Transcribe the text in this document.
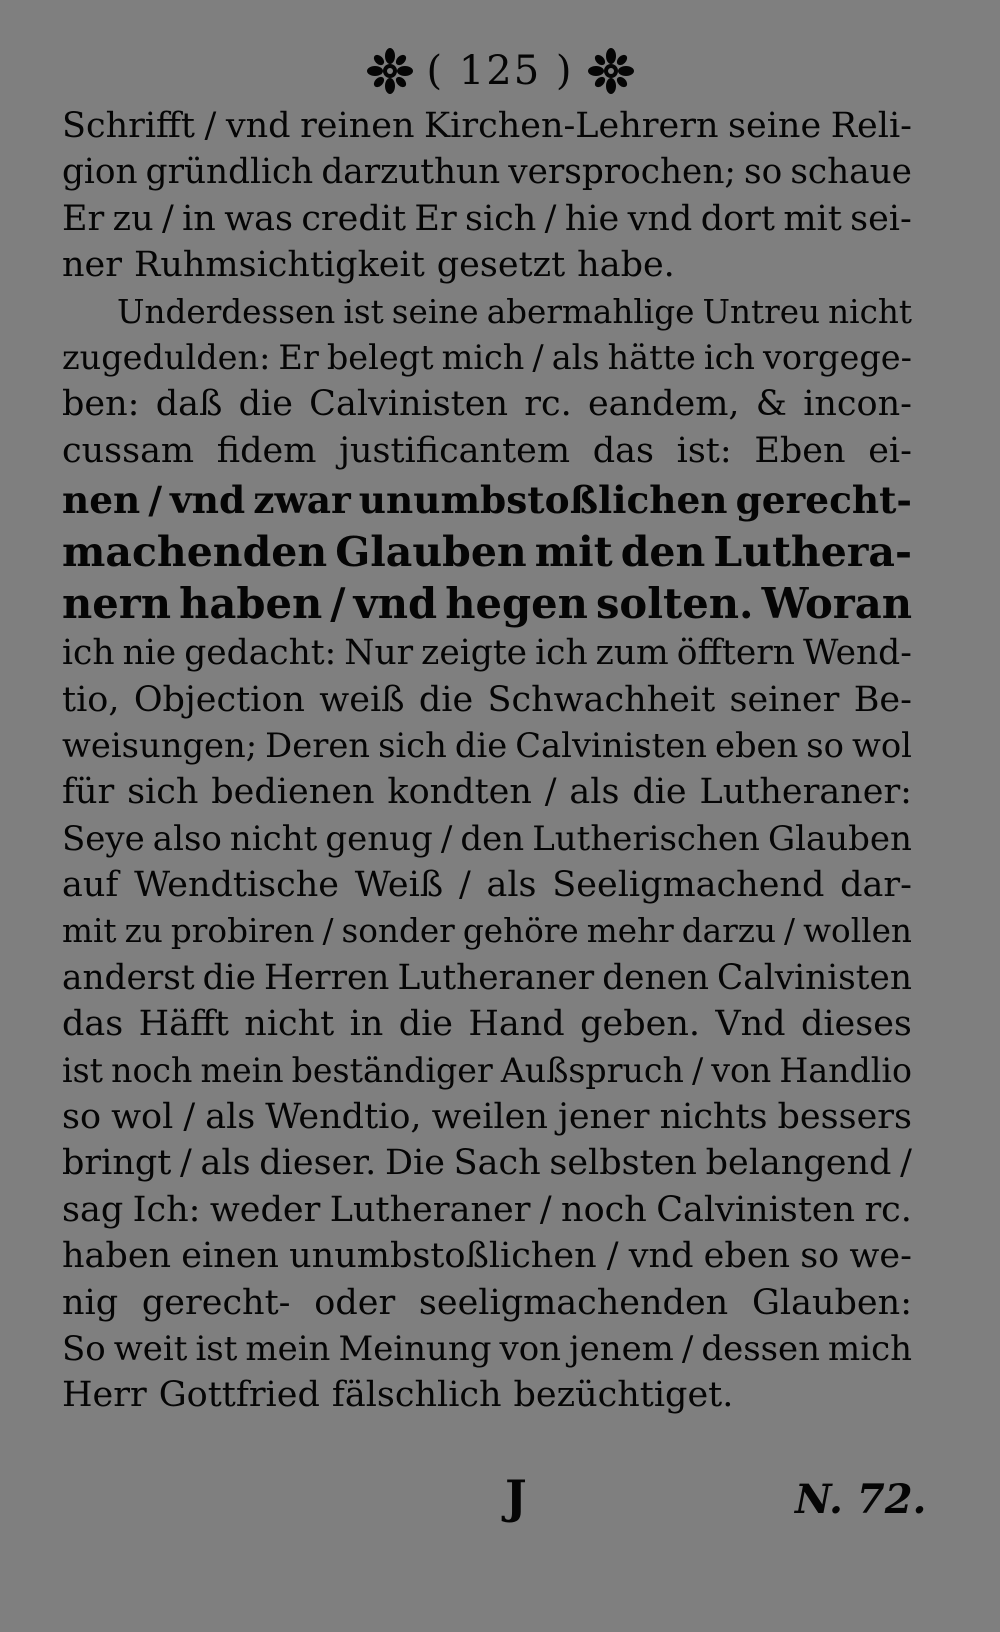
( 125 )
Schrifft / vnd reinen Kirchen-Lehrern seine Reli-
gion gründlich darzuthun versprochen; so schaue
Er zu / in was credit Er sich / hie vnd dort mit sei-
ner Ruhmsichtigkeit gesetzt habe.
Underdessen ist seine abermahlige Untreu nicht
zugedulden: Er belegt mich / als hätte ich vorgege-
ben: daß die Calvinisten rc. eandem, & incon-
cussam fidem justificantem das ist: Eben ei-
nen / vnd zwar unumbstoßlichen gerecht-
machenden Glauben mit den Luthera-
nern haben / vnd hegen solten. Woran
ich nie gedacht: Nur zeigte ich zum öfftern Wend-
tio, Objection weiß die Schwachheit seiner Be-
weisungen; Deren sich die Calvinisten eben so wol
für sich bedienen kondten / als die Lutheraner:
Seye also nicht genug / den Lutherischen Glauben
auf Wendtische Weiß / als Seeligmachend dar-
mit zu probiren / sonder gehöre mehr darzu / wollen
anderst die Herren Lutheraner denen Calvinisten
das Häfft nicht in die Hand geben. Vnd dieses
ist noch mein beständiger Außspruch / von Handlio
so wol / als Wendtio, weilen jener nichts bessers
bringt / als dieser. Die Sach selbsten belangend /
sag Ich: weder Lutheraner / noch Calvinisten rc.
haben einen unumbstoßlichen / vnd eben so we-
nig gerecht- oder seeligmachenden Glauben:
So weit ist mein Meinung von jenem / dessen mich
Herr Gottfried fälschlich bezüchtiget.
J	N. 72.
